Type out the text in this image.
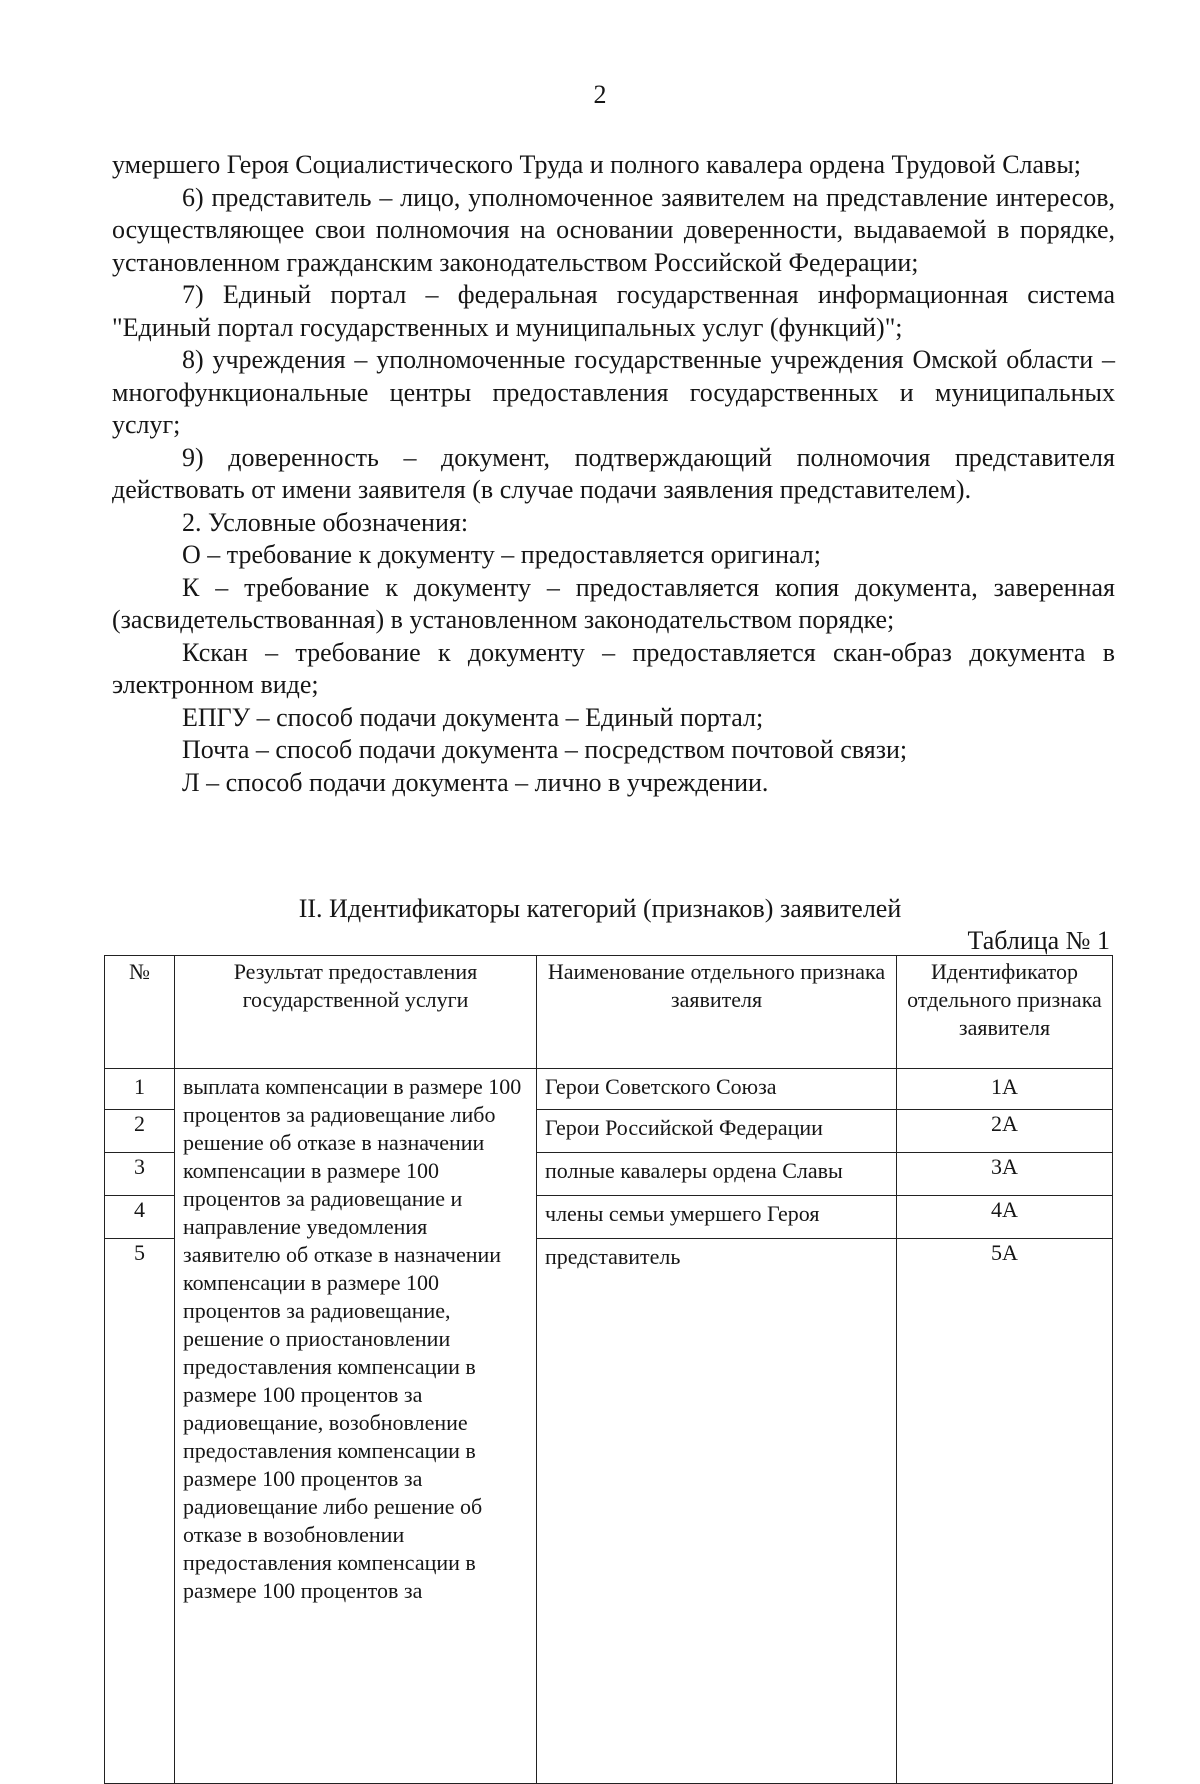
2

умершего Героя Социалистического Труда и полного кавалера ордена Трудовой Славы;

6) представитель – лицо, уполномоченное заявителем на представление интересов, осуществляющее свои полномочия на основании доверенности, выдаваемой в порядке, установленном гражданским законодательством Российской Федерации;

7) Единый портал – федеральная государственная информационная система "Единый портал государственных и муниципальных услуг (функций)";

8) учреждения – уполномоченные государственные учреждения Омской области – многофункциональные центры предоставления государственных и муниципальных услуг;

9) доверенность – документ, подтверждающий полномочия представителя действовать от имени заявителя (в случае подачи заявления представителем).

2. Условные обозначения:

О – требование к документу – предоставляется оригинал;

К – требование к документу – предоставляется копия документа, заверенная (засвидетельствованная) в установленном законодательством порядке;

Кскан – требование к документу – предоставляется скан-образ документа в электронном виде;

ЕПГУ – способ подачи документа – Единый портал;

Почта – способ подачи документа – посредством почтовой связи;

Л – способ подачи документа – лично в учреждении.

II. Идентификаторы категорий (признаков) заявителей
Таблица № 1
№	Результат предоставления государственной услуги	Наименование отдельного признака заявителя	Идентификатор отдельного признака заявителя
1	выплата компенсации в размере 100 процентов за радиовещание либо решение об отказе в назначении компенсации в размере 100 процентов за радиовещание и направление уведомления заявителю об отказе в назначении компенсации в размере 100 процентов за радиовещание, решение о приостановлении предоставления компенсации в размере 100 процентов за радиовещание, возобновление предоставления компенсации в размере 100 процентов за радиовещание либо решение об отказе в возобновлении предоставления компенсации в размере 100 процентов за	Герои Советского Союза	1А
2		Герои Российской Федерации	2А
3		полные кавалеры ордена Славы	3А
4		члены семьи умершего Героя	4А
5		представитель	5А
